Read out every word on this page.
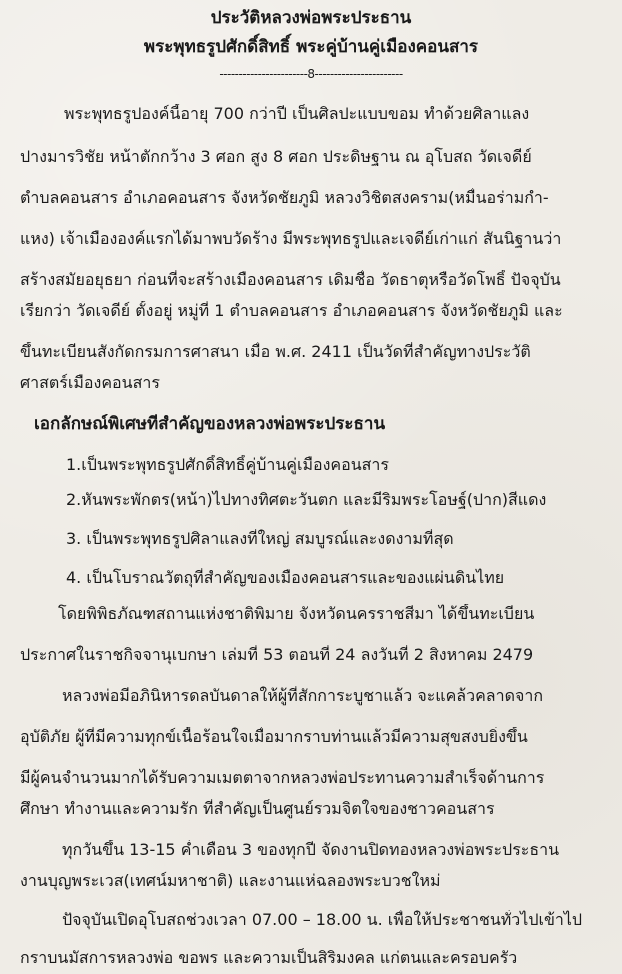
ประวัติหลวงพ่อพระประธาน
พระพุทธรูปศักดิ์สิทธิ์ พระคู่บ้านคู่เมืองคอนสาร
-----------------------8-----------------------
พระพุทธรูปองค์นี้อายุ 700 กว่าปี เป็นศิลปะแบบขอม ทำด้วยศิลาแลง
ปางมารวิชัย หน้าตักกว้าง 3 ศอก สูง 8 ศอก ประดิษฐาน ณ อุโบสถ วัดเจดีย์
ตำบลคอนสาร อำเภอคอนสาร จังหวัดชัยภูมิ หลวงวิชิตสงคราม(หมื่นอร่ามกำ-
แหง) เจ้าเมืององค์แรกได้มาพบวัดร้าง มีพระพุทธรูปและเจดีย์เก่าแก่ สันนิฐานว่า
สร้างสมัยอยุธยา ก่อนที่จะสร้างเมืองคอนสาร เดิมชื่อ วัดธาตุหรือวัดโพธิ์ ปัจจุบัน
เรียกว่า วัดเจดีย์ ตั้งอยู่ หมู่ที่ 1 ตำบลคอนสาร อำเภอคอนสาร จังหวัดชัยภูมิ และ
ขึ้นทะเบียนสังกัดกรมการศาสนา เมื่อ พ.ศ. 2411 เป็นวัดที่สำคัญทางประวัติ
ศาสตร์เมืองคอนสาร
เอกลักษณ์พิเศษที่สำคัญของหลวงพ่อพระประธาน
1.เป็นพระพุทธรูปศักดิ์สิทธิ์คู่บ้านคู่เมืองคอนสาร
2.หันพระพักตร(หน้า)ไปทางทิศตะวันตก และมีริมพระโอษฐ์(ปาก)สีแดง
3. เป็นพระพุทธรูปศิลาแลงที่ใหญ่ สมบูรณ์และงดงามที่สุด
4. เป็นโบราณวัตถุที่สำคัญของเมืองคอนสารและของแผ่นดินไทย
โดยพิพิธภัณฑสถานแห่งชาติพิมาย จังหวัดนครราชสีมา ได้ขึ้นทะเบียน
ประกาศในราชกิจจานุเบกษา เล่มที่ 53 ตอนที่ 24 ลงวันที่ 2 สิงหาคม 2479
หลวงพ่อมีอภินิหารดลบันดาลให้ผู้ที่สักการะบูชาแล้ว จะแคล้วคลาดจาก
อุบัติภัย ผู้ที่มีความทุกข์เนื้อร้อนใจเมื่อมากราบท่านแล้วมีความสุขสงบยิ่งขึ้น
มีผู้คนจำนวนมากได้รับความเมตตาจากหลวงพ่อประทานความสำเร็จด้านการ
ศึกษา ทำงานและความรัก ที่สำคัญเป็นศูนย์รวมจิตใจของชาวคอนสาร
ทุกวันขึ้น 13-15 ค่ำเดือน 3 ของทุกปี จัดงานปิดทองหลวงพ่อพระประธาน
งานบุญพระเวส(เทศน์มหาชาติ) และงานแห่ฉลองพระบวชใหม่
ปัจจุบันเปิดอุโบสถช่วงเวลา 07.00 – 18.00 น. เพื่อให้ประชาชนทั่วไปเข้าไป
กราบนมัสการหลวงพ่อ ขอพร และความเป็นสิริมงคล แก่ตนและครอบครัว
